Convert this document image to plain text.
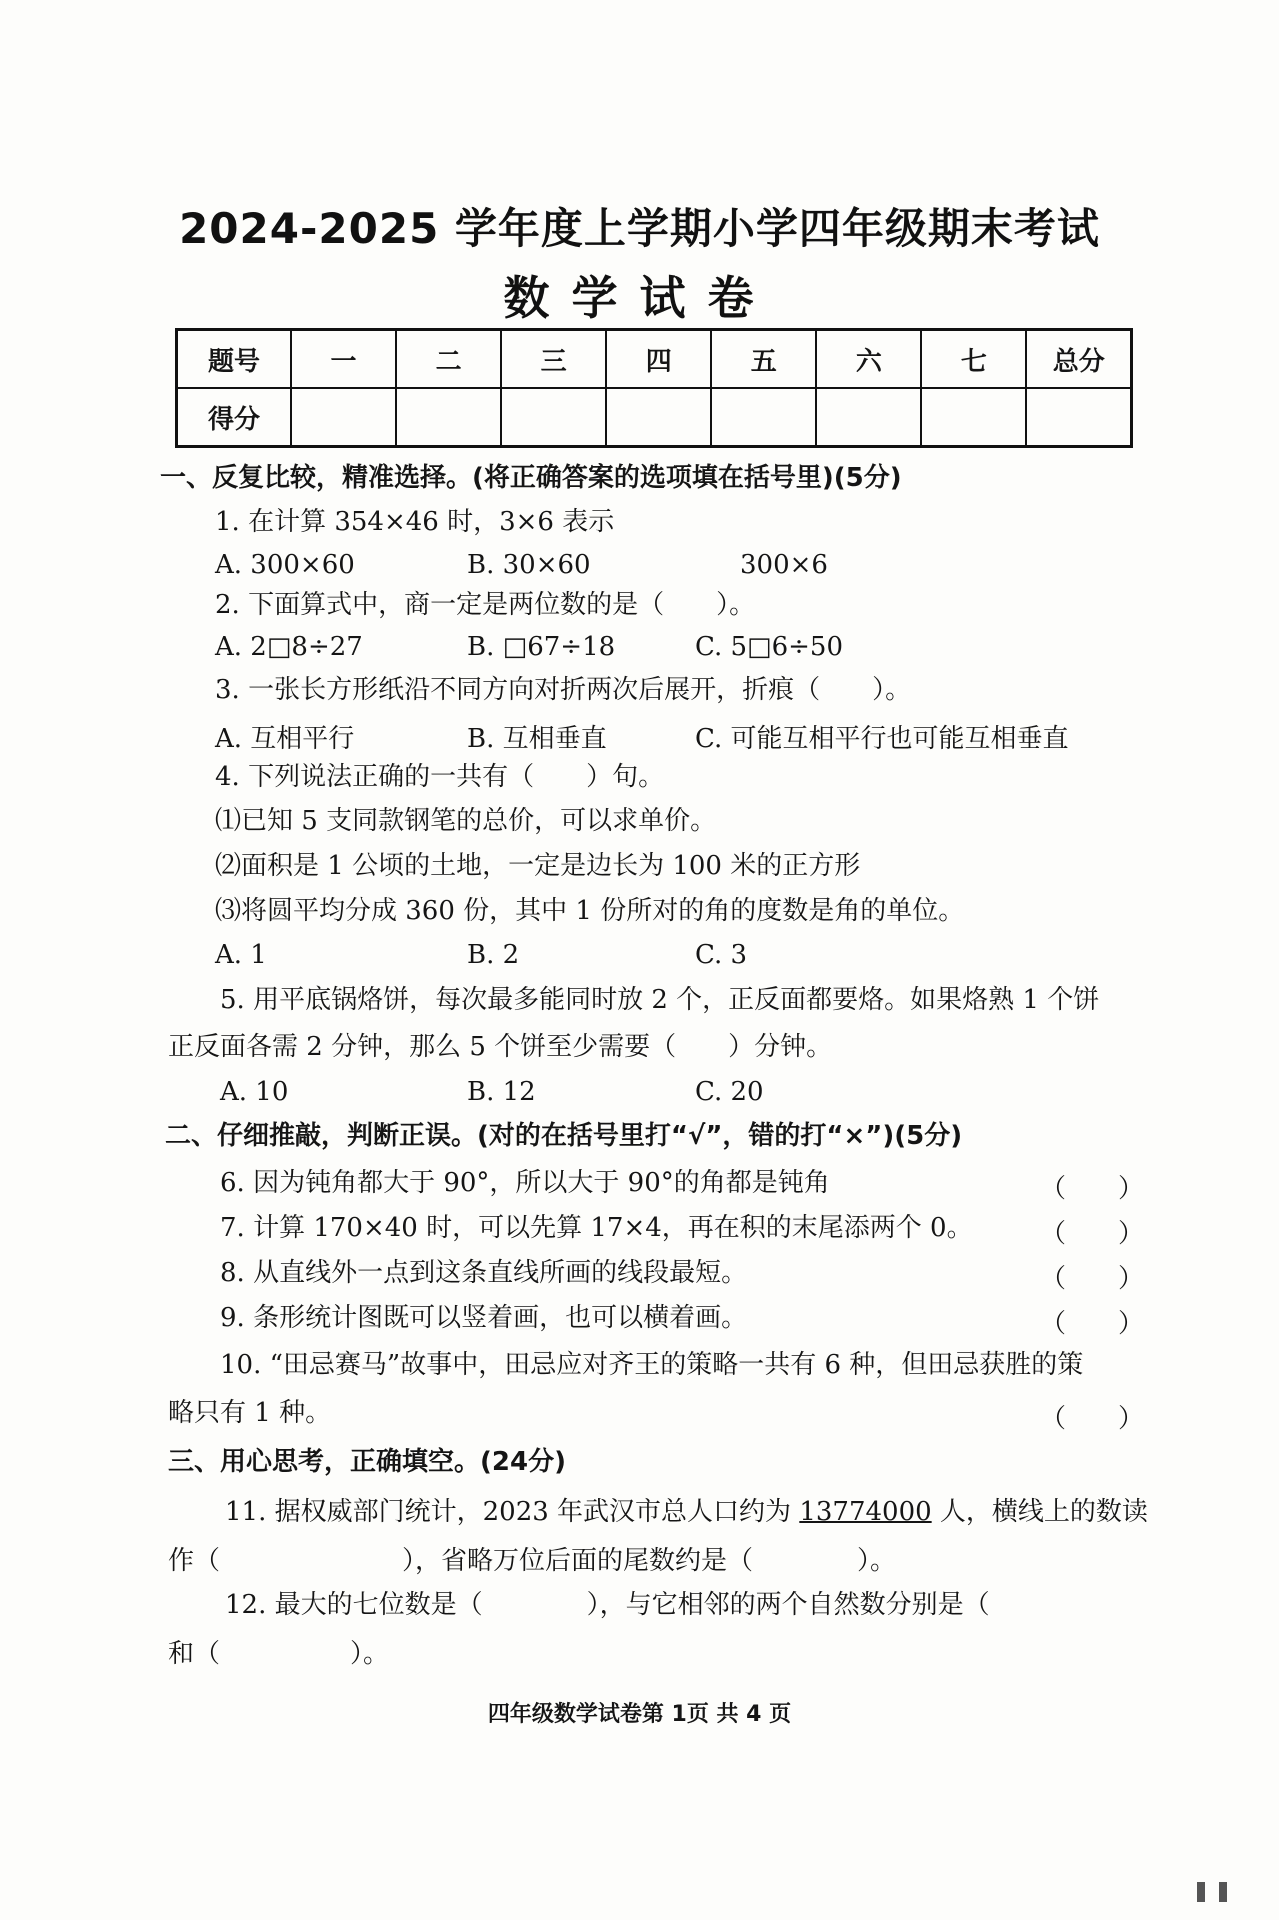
2024-2025 学年度上学期小学四年级期末考试
数学试卷
题号	一	二	三	四	五	六	七	总分
得分								
一、反复比较，精准选择。(将正确答案的选项填在括号里)(5分)
1. 在计算 354×46 时，3×6 表示
A. 300×60	B. 30×60	300×6
2. 下面算式中，商一定是两位数的是（　　）。
A. 2□8÷27	B. □67÷18	C. 5□6÷50
3. 一张长方形纸沿不同方向对折两次后展开，折痕（　　）。
A. 互相平行	B. 互相垂直	C. 可能互相平行也可能互相垂直
4. 下列说法正确的一共有（　　）句。
⑴已知 5 支同款钢笔的总价，可以求单价。
⑵面积是 1 公顷的土地，一定是边长为 100 米的正方形
⑶将圆平均分成 360 份，其中 1 份所对的角的度数是角的单位。
A. 1	B. 2	C. 3
5. 用平底锅烙饼，每次最多能同时放 2 个，正反面都要烙。如果烙熟 1 个饼
正反面各需 2 分钟，那么 5 个饼至少需要（　　）分钟。
A. 10	B. 12	C. 20
二、仔细推敲，判断正误。(对的在括号里打“√”，错的打“×”)(5分)
6. 因为钝角都大于 90°，所以大于 90°的角都是钝角	（　　）
7. 计算 170×40 时，可以先算 17×4，再在积的末尾添两个 0。	（　　）
8. 从直线外一点到这条直线所画的线段最短。	（　　）
9. 条形统计图既可以竖着画，也可以横着画。	（　　）
10. “田忌赛马”故事中，田忌应对齐王的策略一共有 6 种，但田忌获胜的策
略只有 1 种。	（　　）
三、用心思考，正确填空。(24分)
11. 据权威部门统计，2023 年武汉市总人口约为 13774000 人，横线上的数读
作（　　　　　　　），省略万位后面的尾数约是（　　　　）。
12. 最大的七位数是（　　　　），与它相邻的两个自然数分别是（
和（　　　　　）。
四年级数学试卷第 1页 共 4 页
